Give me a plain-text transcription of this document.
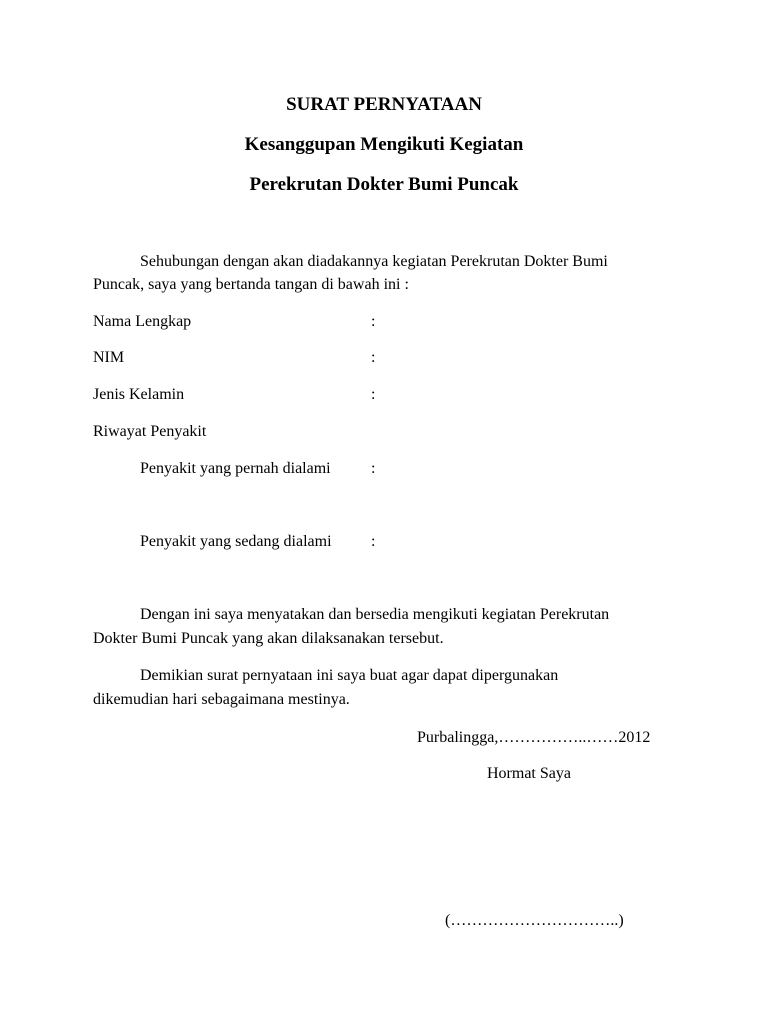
SURAT PERNYATAAN
Kesanggupan Mengikuti Kegiatan
Perekrutan Dokter Bumi Puncak
Sehubungan dengan akan diadakannya kegiatan Perekrutan Dokter Bumi
Puncak, saya yang bertanda tangan di bawah ini :
Nama Lengkap	:
NIM	:
Jenis Kelamin	:
Riwayat Penyakit
Penyakit yang pernah dialami	:
Penyakit yang sedang dialami :
Dengan ini saya menyatakan dan bersedia mengikuti kegiatan Perekrutan
Dokter Bumi Puncak yang akan dilaksanakan tersebut.
Demikian surat pernyataan ini saya buat agar dapat dipergunakan
dikemudian hari sebagaimana mestinya.
Purbalingga,……………..……2012
Hormat Saya
(…………………………..)
